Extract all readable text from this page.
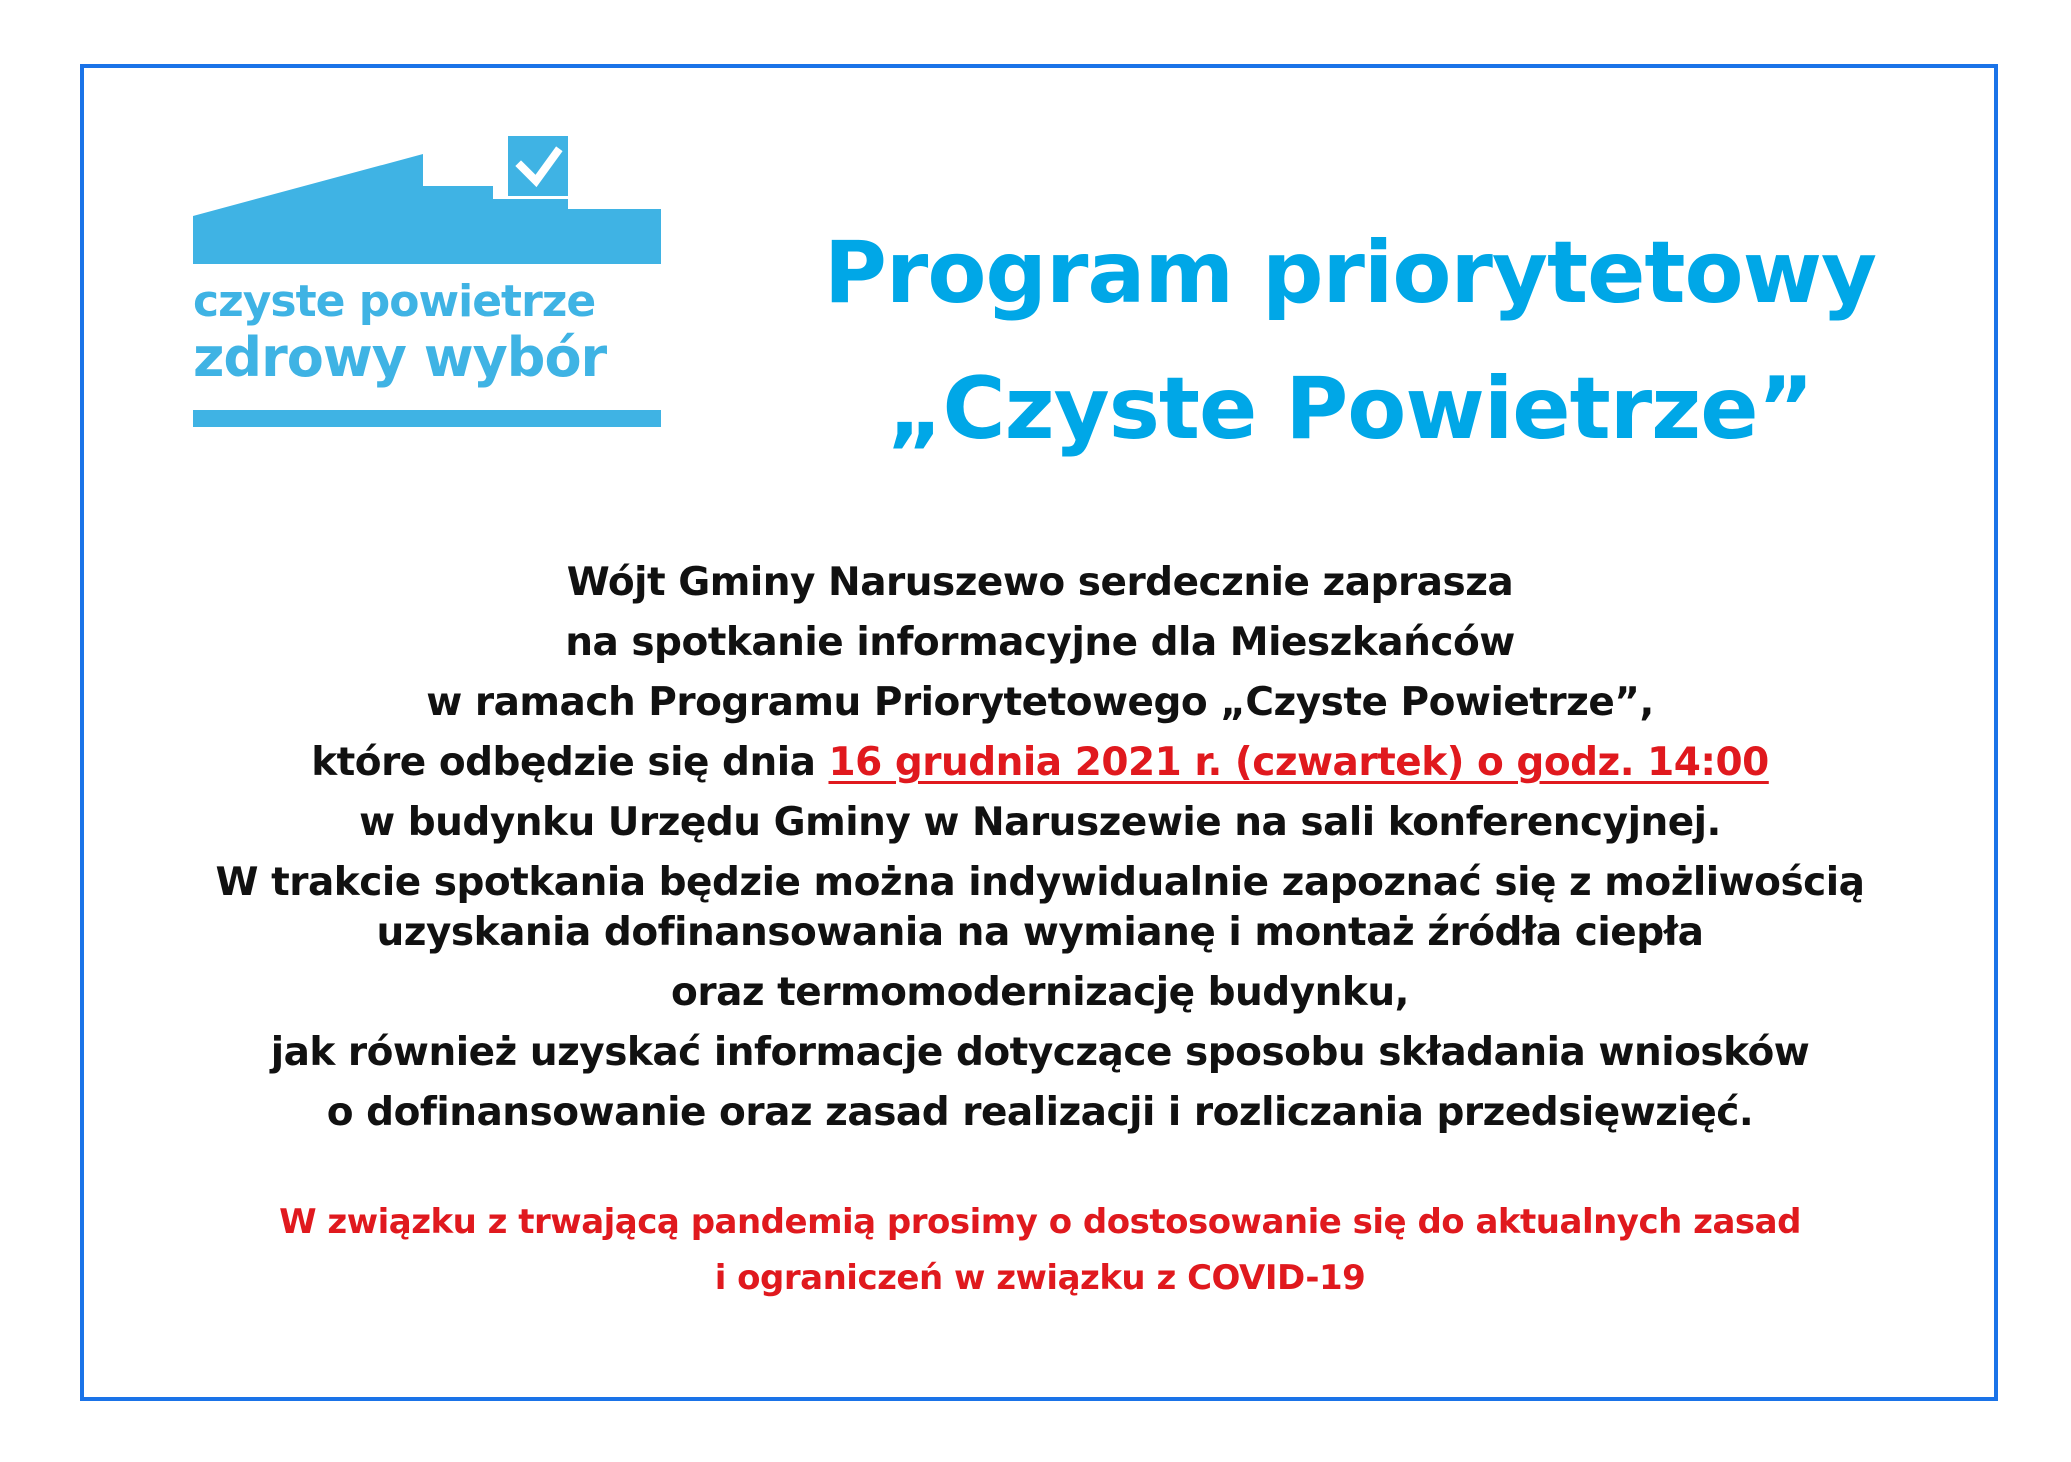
czyste powietrze
zdrowy wybór
Program priorytetowy
„Czyste Powietrze”
Wójt Gminy Naruszewo serdecznie zaprasza
na spotkanie informacyjne dla Mieszkańców
w ramach Programu Priorytetowego „Czyste Powietrze”,
które odbędzie się dnia 16 grudnia 2021 r. (czwartek) o godz. 14:00
w budynku Urzędu Gminy w Naruszewie na sali konferencyjnej.
W trakcie spotkania będzie można indywidualnie zapoznać się z możliwością
uzyskania dofinansowania na wymianę i montaż źródła ciepła
oraz termomodernizację budynku,
jak również uzyskać informacje dotyczące sposobu składania wniosków
o dofinansowanie oraz zasad realizacji i rozliczania przedsięwzięć.
W związku z trwającą pandemią prosimy o dostosowanie się do aktualnych zasad
i ograniczeń w związku z COVID-19
